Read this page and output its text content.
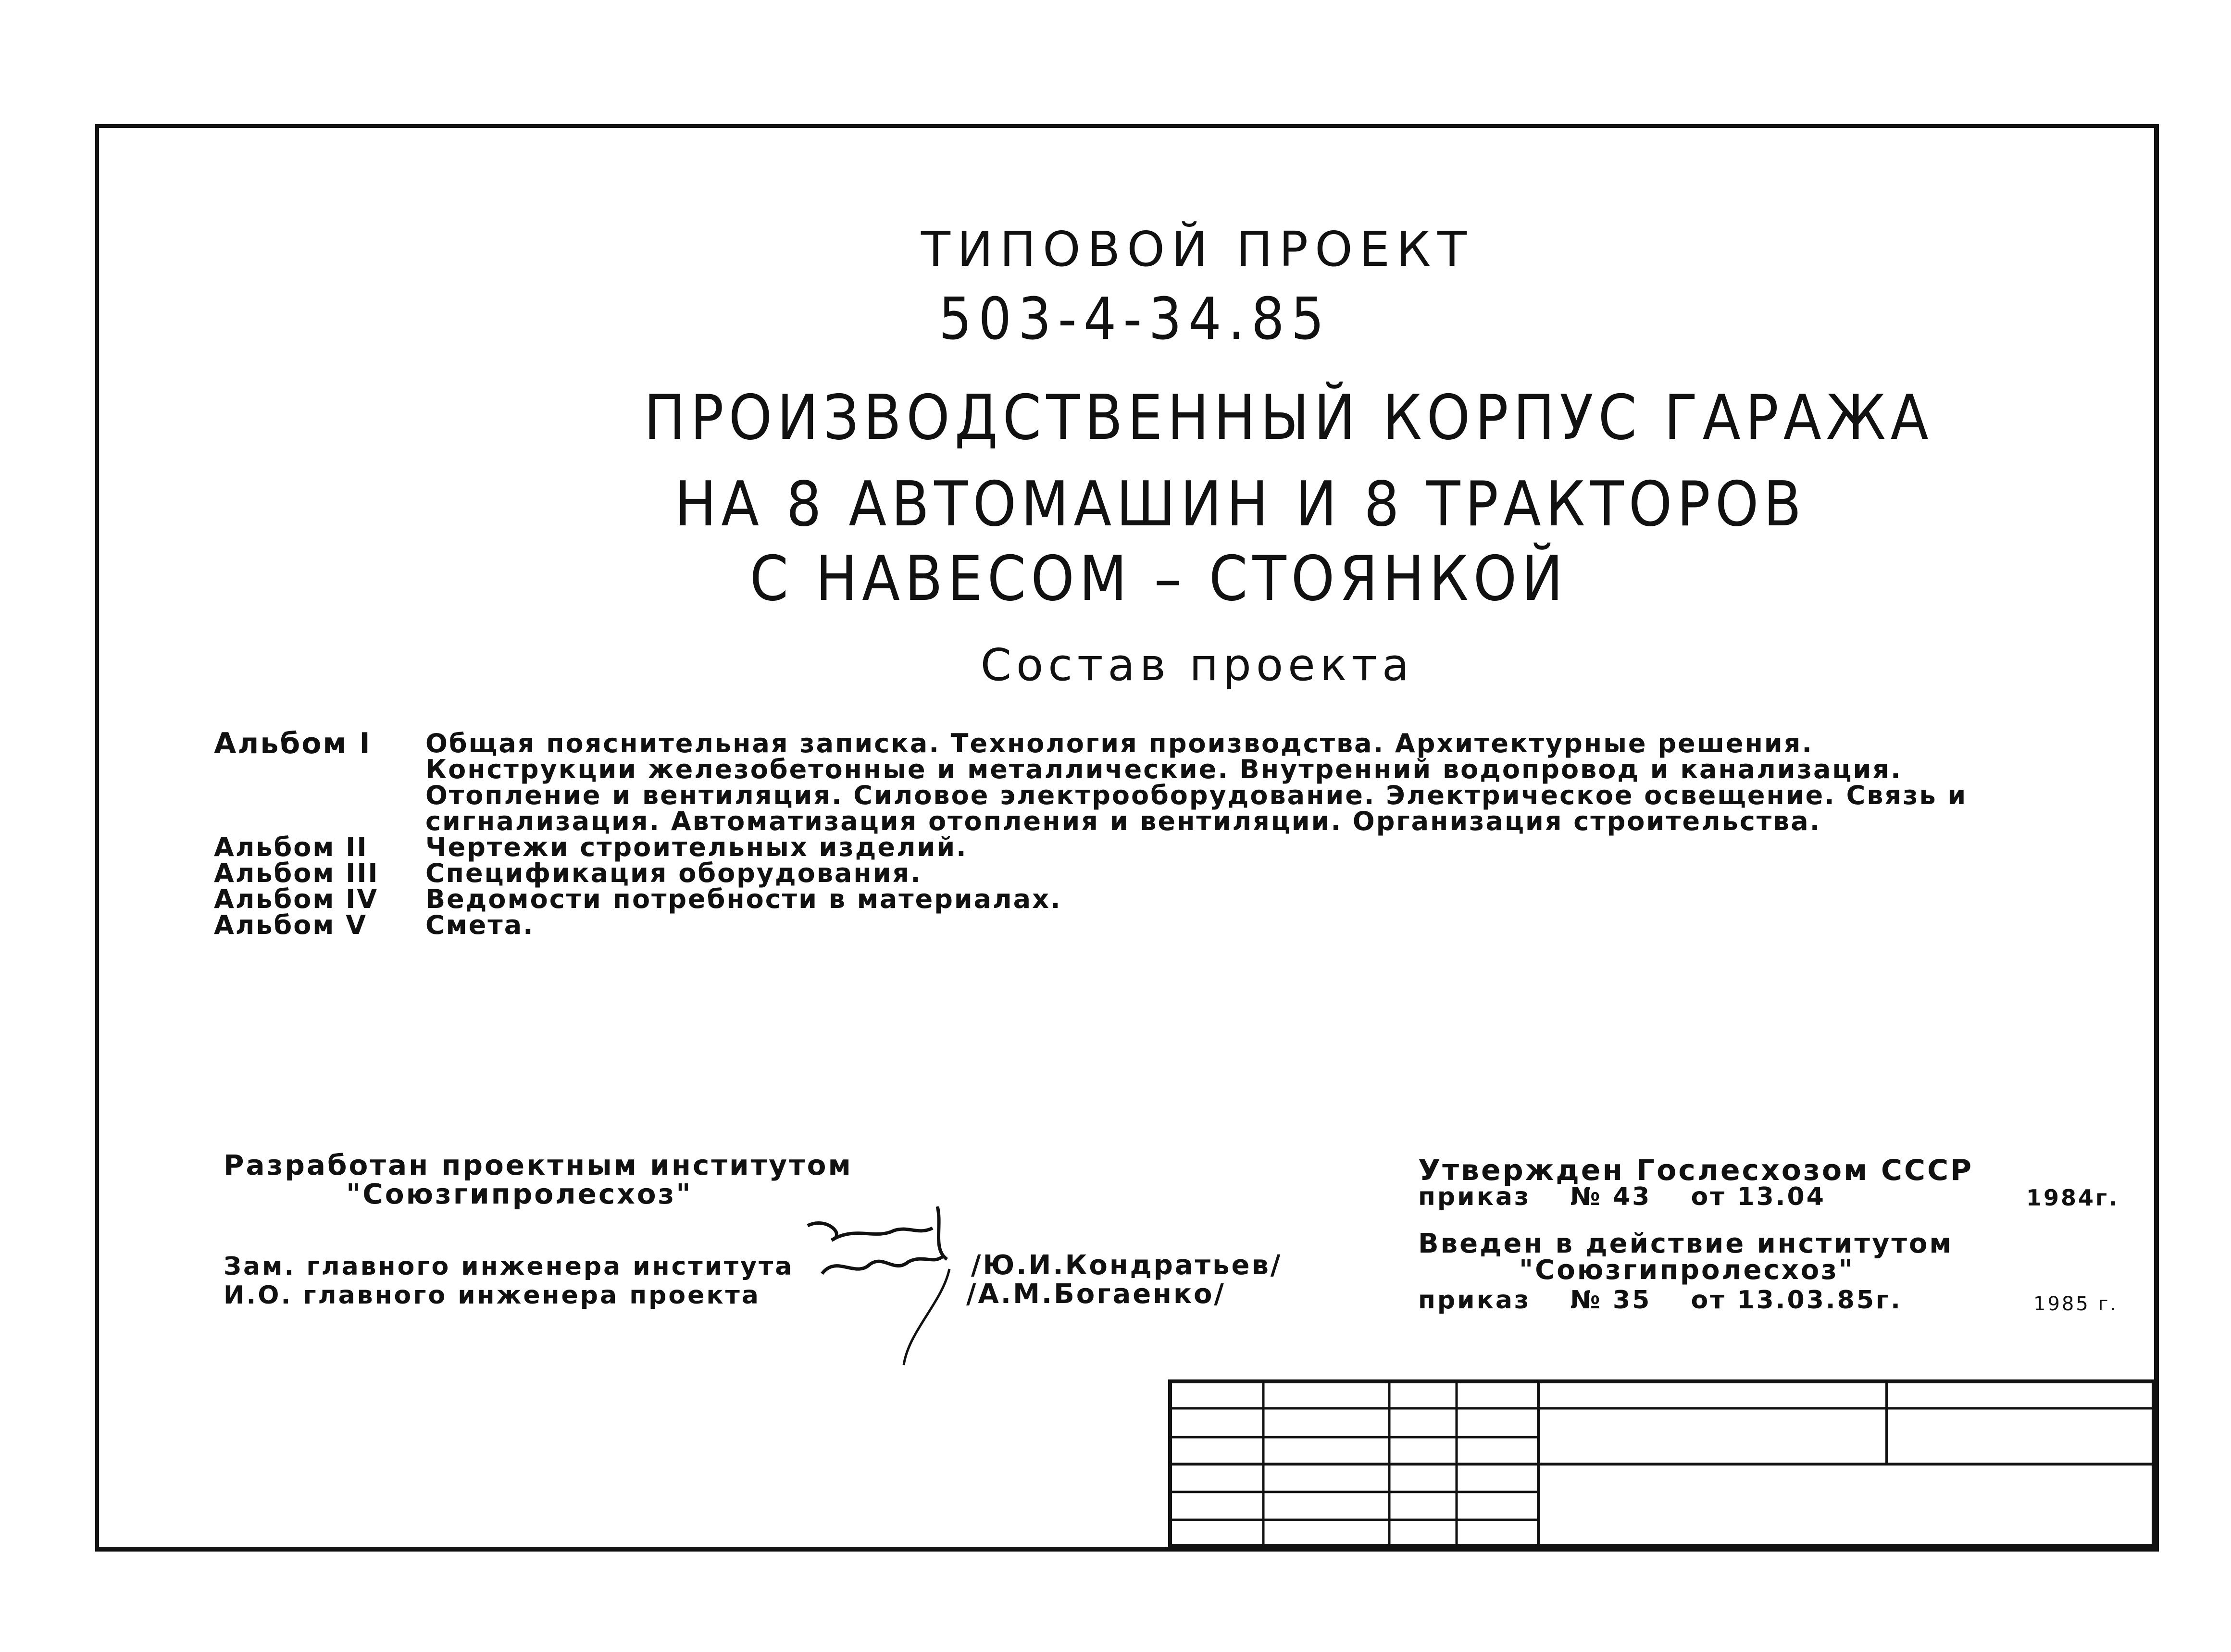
ТИПОВОЙ ПРОЕКТ
503-4-34.85
ПРОИЗВОДСТВЕННЫЙ КОРПУС ГАРАЖА
НА 8 АВТОМАШИН И 8 ТРАКТОРОВ
С НАВЕСОМ – СТОЯНКОЙ
Состав проекта
Альбом I	Общая пояснительная записка. Технология производства. Архитектурные решения. Конструкции железобетонные и металлические. Внутренний водопровод и канализация. Отопление и вентиляция. Силовое электрооборудование. Электрическое освещение. Связь и сигнализация. Автоматизация отопления и вентиляции. Организация строительства.
Альбом II	Чертежи строительных изделий.
Альбом III	Спецификация оборудования.
Альбом IV	Ведомости потребности в материалах.
Альбом V	Смета.
Разработан проектным институтом
"Союзгипролесхоз"
Зам. главного инженера института
И.О. главного инженера проекта
/Ю.И.Кондратьев/
/А.М.Богаенко/
Утвержден Гослесхозом СССР
приказ № 43 от 13.04	1984г.
Введен в действие институтом
"Союзгипролесхоз"
приказ № 35 от 13.03.85г.	1985 г.
